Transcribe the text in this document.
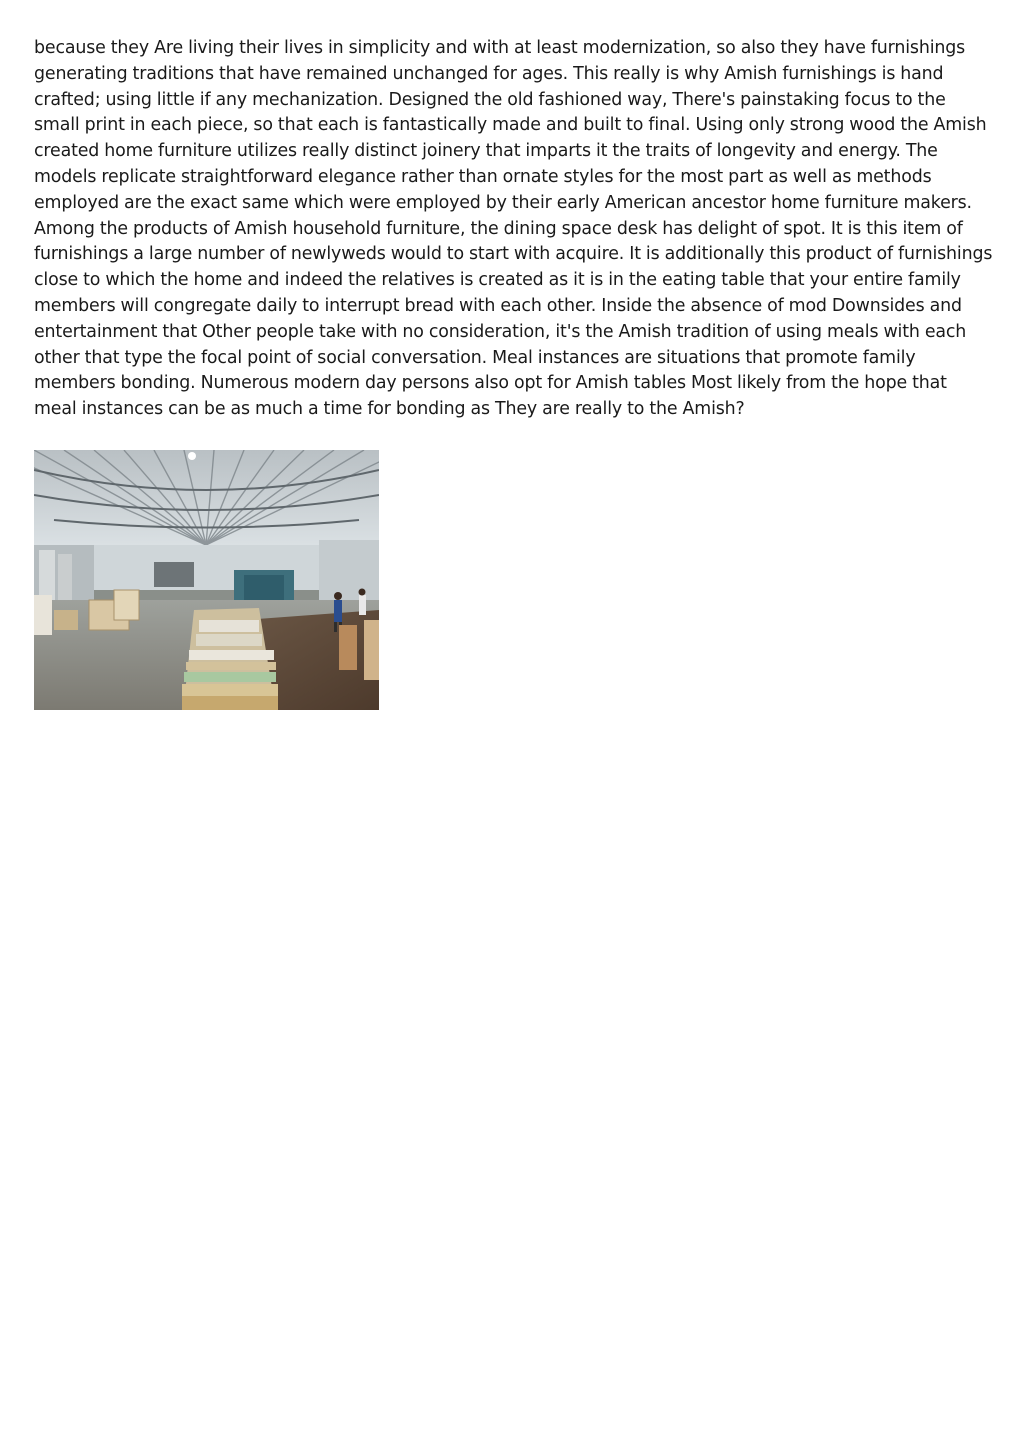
because they Are living their lives in simplicity and with at least modernization, so also they have furnishings generating traditions that have remained unchanged for ages. This really is why Amish furnishings is hand crafted; using little if any mechanization. Designed the old fashioned way, There's painstaking focus to the small print in each piece, so that each is fantastically made and built to final. Using only strong wood the Amish created home furniture utilizes really distinct joinery that imparts it the traits of longevity and energy. The models replicate straightforward elegance rather than ornate styles for the most part as well as methods employed are the exact same which were employed by their early American ancestor home furniture makers. Among the products of Amish household furniture, the dining space desk has delight of spot. It is this item of furnishings a large number of newlyweds would to start with acquire. It is additionally this product of furnishings close to which the home and indeed the relatives is created as it is in the eating table that your entire family members will congregate daily to interrupt bread with each other. Inside the absence of mod Downsides and entertainment that Other people take with no consideration, it's the Amish tradition of using meals with each other that type the focal point of social conversation. Meal instances are situations that promote family members bonding. Numerous modern day persons also opt for Amish tables Most likely from the hope that meal instances can be as much a time for bonding as They are really to the Amish?
